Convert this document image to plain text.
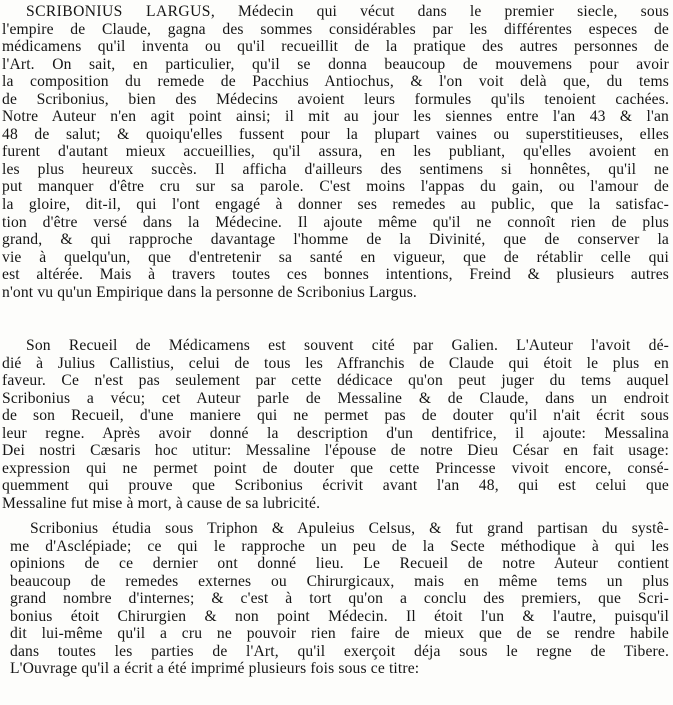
SCRIBONIUS LARGUS, Médecin qui vécut dans le premier siecle, sous
l'empire de Claude, gagna des sommes considérables par les différentes especes de
médicamens qu'il inventa ou qu'il recueillit de la pratique des autres personnes de
l'Art. On sait, en particulier, qu'il se donna beaucoup de mouvemens pour avoir
la composition du remede de Pacchius Antiochus, & l'on voit delà que, du tems
de Scribonius, bien des Médecins avoient leurs formules qu'ils tenoient cachées.
Notre Auteur n'en agit point ainsi; il mit au jour les siennes entre l'an 43 & l'an
48 de salut; & quoiqu'elles fussent pour la plupart vaines ou superstitieuses, elles
furent d'autant mieux accueillies, qu'il assura, en les publiant, qu'elles avoient en
les plus heureux succès. Il afficha d'ailleurs des sentimens si honnêtes, qu'il ne
put manquer d'être cru sur sa parole. C'est moins l'appas du gain, ou l'amour de
la gloire, dit-il, qui l'ont engagé à donner ses remedes au public, que la satisfac-
tion d'être versé dans la Médecine. Il ajoute même qu'il ne connoît rien de plus
grand, & qui rapproche davantage l'homme de la Divinité, que de conserver la
vie à quelqu'un, que d'entretenir sa santé en vigueur, que de rétablir celle qui
est altérée. Mais à travers toutes ces bonnes intentions, Freind & plusieurs autres
n'ont vu qu'un Empirique dans la personne de Scribonius Largus.
Son Recueil de Médicamens est souvent cité par Galien. L'Auteur l'avoit dé-
dié à Julius Callistius, celui de tous les Affranchis de Claude qui étoit le plus en
faveur. Ce n'est pas seulement par cette dédicace qu'on peut juger du tems auquel
Scribonius a vécu; cet Auteur parle de Messaline & de Claude, dans un endroit
de son Recueil, d'une maniere qui ne permet pas de douter qu'il n'ait écrit sous
leur regne. Après avoir donné la description d'un dentifrice, il ajoute: Messalina
Dei nostri Cæsaris hoc utitur: Messaline l'épouse de notre Dieu César en fait usage:
expression qui ne permet point de douter que cette Princesse vivoit encore, consé-
quemment qui prouve que Scribonius écrivit avant l'an 48, qui est celui que
Messaline fut mise à mort, à cause de sa lubricité.
Scribonius étudia sous Triphon & Apuleius Celsus, & fut grand partisan du systê-
me d'Asclépiade; ce qui le rapproche un peu de la Secte méthodique à qui les
opinions de ce dernier ont donné lieu. Le Recueil de notre Auteur contient
beaucoup de remedes externes ou Chirurgicaux, mais en même tems un plus
grand nombre d'internes; & c'est à tort qu'on a conclu des premiers, que Scri-
bonius étoit Chirurgien & non point Médecin. Il étoit l'un & l'autre, puisqu'il
dit lui-même qu'il a cru ne pouvoir rien faire de mieux que de se rendre habile
dans toutes les parties de l'Art, qu'il exerçoit déja sous le regne de Tibere.
L'Ouvrage qu'il a écrit a été imprimé plusieurs fois sous ce titre:
